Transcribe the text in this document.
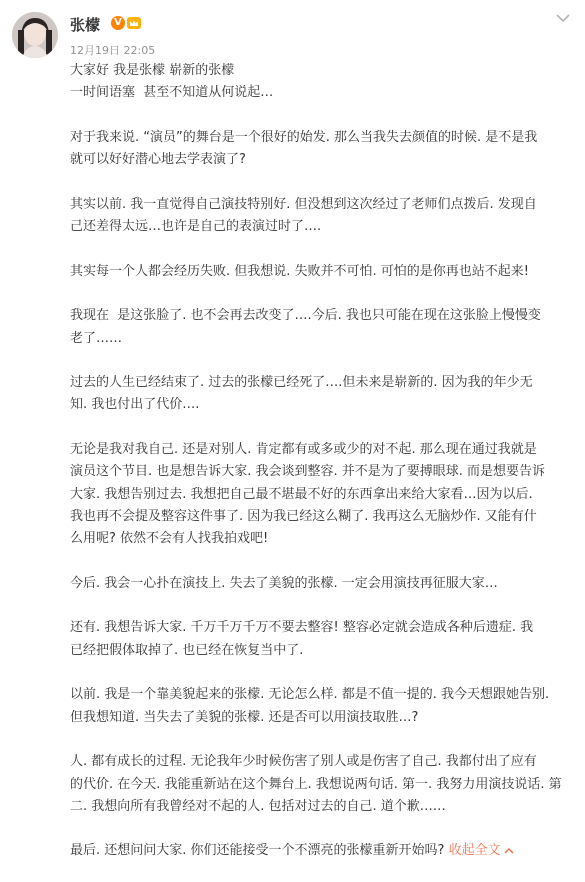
张檬	V
12月19日 22:05
大家好 我是张檬 崭新的张檬
一时间语塞  甚至不知道从何说起…
对于我来说. “演员”的舞台是一个很好的始发. 那么当我失去颜值的时候. 是不是我
就可以好好潜心地去学表演了?
其实以前. 我一直觉得自己演技特别好. 但没想到这次经过了老师们点拨后. 发现自
己还差得太远…也许是自己的表演过时了….
其实每一个人都会经历失败. 但我想说. 失败并不可怕. 可怕的是你再也站不起来!
我现在  是这张脸了. 也不会再去改变了….今后. 我也只可能在现在这张脸上慢慢变
老了……
过去的人生已经结束了. 过去的张檬已经死了….但未来是崭新的. 因为我的年少无
知. 我也付出了代价….
无论是我对我自己. 还是对别人. 肯定都有或多或少的对不起. 那么现在通过我就是
演员这个节目. 也是想告诉大家. 我会谈到整容. 并不是为了要搏眼球. 而是想要告诉
大家. 我想告别过去. 我想把自己最不堪最不好的东西拿出来给大家看…因为以后.
我也再不会提及整容这件事了. 因为我已经这么糊了. 我再这么无脑炒作. 又能有什
么用呢? 依然不会有人找我拍戏吧!
今后. 我会一心扑在演技上. 失去了美貌的张檬. 一定会用演技再征服大家…
还有. 我想告诉大家. 千万千万千万不要去整容! 整容必定就会造成各种后遗症. 我
已经把假体取掉了. 也已经在恢复当中了.
以前. 我是一个靠美貌起来的张檬. 无论怎么样. 都是不值一提的. 我今天想跟她告别.
但我想知道. 当失去了美貌的张檬. 还是否可以用演技取胜…?
人. 都有成长的过程. 无论我年少时候伤害了别人或是伤害了自己. 我都付出了应有
的代价. 在今天. 我能重新站在这个舞台上. 我想说两句话. 第一. 我努力用演技说话. 第
二. 我想向所有我曾经对不起的人. 包括对过去的自己. 道个歉……
最后. 还想问问大家. 你们还能接受一个不漂亮的张檬重新开始吗? 收起全文
